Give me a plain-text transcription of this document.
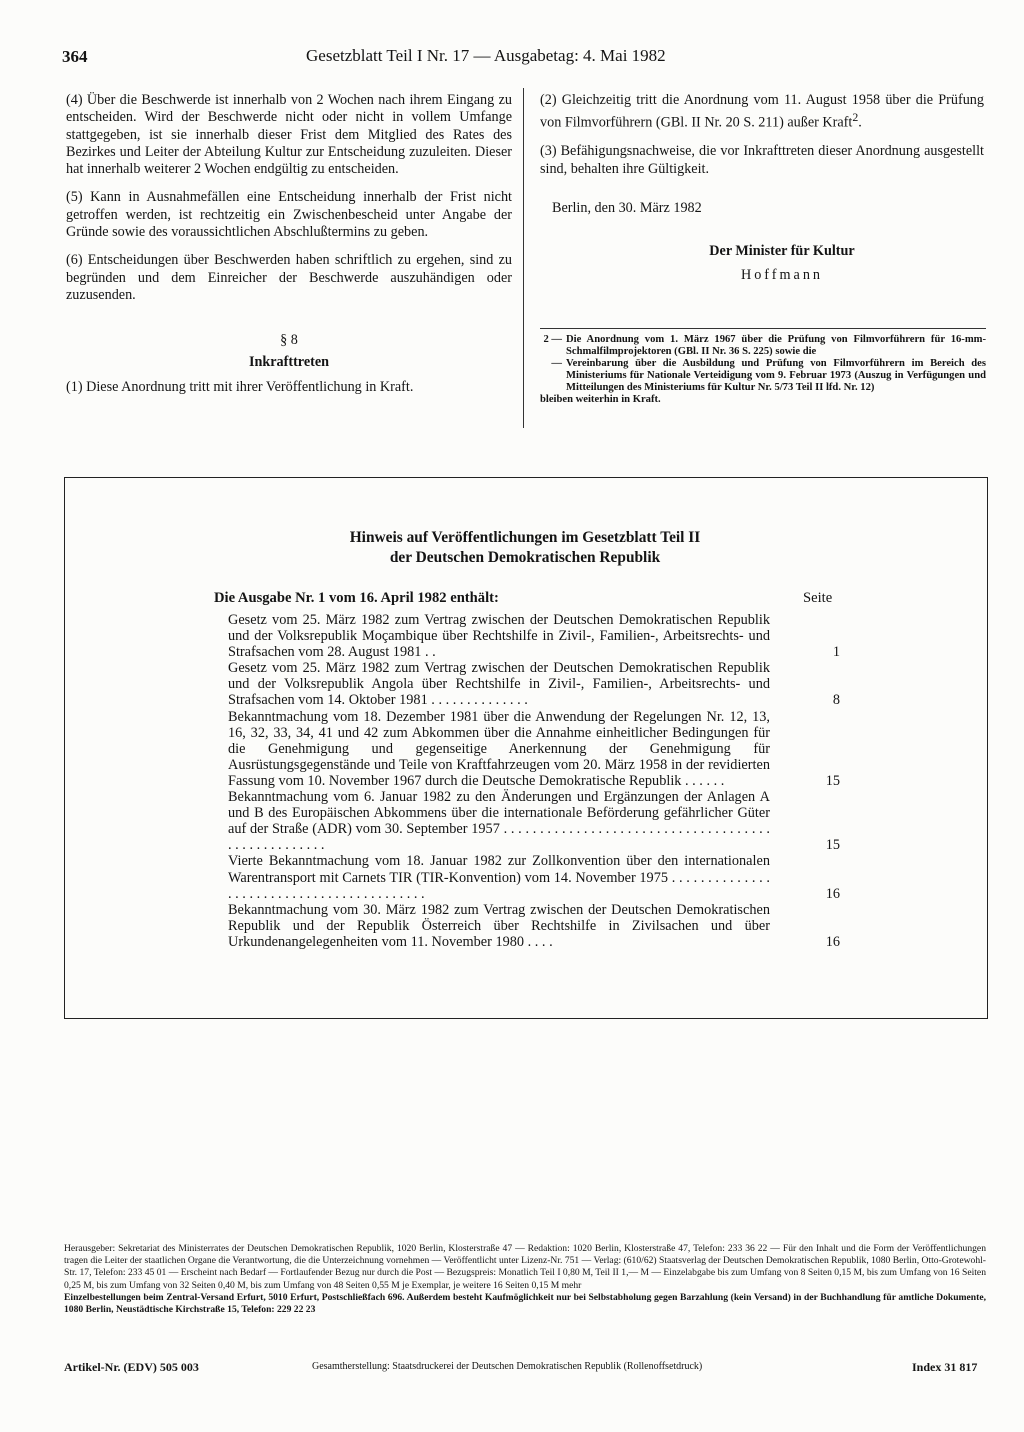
364	Gesetzblatt Teil I Nr. 17 — Ausgabetag: 4. Mai 1982

(4) Über die Beschwerde ist innerhalb von 2 Wochen nach ihrem Eingang zu entscheiden. Wird der Beschwerde nicht oder nicht in vollem Umfange stattgegeben, ist sie innerhalb dieser Frist dem Mitglied des Rates des Bezirkes und Leiter der Abteilung Kultur zur Entscheidung zuzuleiten. Dieser hat innerhalb weiterer 2 Wochen endgültig zu entscheiden.

(5) Kann in Ausnahmefällen eine Entscheidung innerhalb der Frist nicht getroffen werden, ist rechtzeitig ein Zwischenbescheid unter Angabe der Gründe sowie des voraussichtlichen Abschlußtermins zu geben.

(6) Entscheidungen über Beschwerden haben schriftlich zu ergehen, sind zu begründen und dem Einreicher der Beschwerde auszuhändigen oder zuzusenden.

§ 8
Inkrafttreten

(1) Diese Anordnung tritt mit ihrer Veröffentlichung in Kraft.

(2) Gleichzeitig tritt die Anordnung vom 11. August 1958 über die Prüfung von Filmvorführern (GBl. II Nr. 20 S. 211) außer Kraft$^2$.

(3) Befähigungsnachweise, die vor Inkrafttreten dieser Anordnung ausgestellt sind, behalten ihre Gültigkeit.

Berlin, den 30. März 1982
Der Minister für Kultur
Hoffmann
2 — Die Anordnung vom 1. März 1967 über die Prüfung von Filmvorführern für 16-mm-Schmalfilmprojektoren (GBl. II Nr. 36 S. 225) sowie die
— Vereinbarung über die Ausbildung und Prüfung von Filmvorführern im Bereich des Ministeriums für Nationale Verteidigung vom 9. Februar 1973 (Auszug in Verfügungen und Mitteilungen des Ministeriums für Kultur Nr. 5/73 Teil II lfd. Nr. 12)
bleiben weiterhin in Kraft.
Hinweis auf Veröffentlichungen im Gesetzblatt Teil II
der Deutschen Demokratischen Republik
Die Ausgabe Nr. 1 vom 16. April 1982 enthält:	Seite
Gesetz vom 25. März 1982 zum Vertrag zwischen der Deutschen Demokratischen Republik und der Volksrepublik Moçambique über Rechtshilfe in Zivil-, Familien-, Arbeitsrechts- und Strafsachen vom 28. August 1981 . .	1
Gesetz vom 25. März 1982 zum Vertrag zwischen der Deutschen Demokratischen Republik und der Volksrepublik Angola über Rechtshilfe in Zivil-, Familien-, Arbeitsrechts- und Strafsachen vom 14. Oktober 1981 . . . . . . . . . . . . . .	8
Bekanntmachung vom 18. Dezember 1981 über die Anwendung der Regelungen Nr. 12, 13, 16, 32, 33, 34, 41 und 42 zum Abkommen über die Annahme einheitlicher Bedingungen für die Genehmigung und gegenseitige Anerkennung der Genehmigung für Ausrüstungsgegenstände und Teile von Kraftfahrzeugen vom 20. März 1958 in der revidierten Fassung vom 10. November 1967 durch die Deutsche Demokratische Republik . . . . . .	15
Bekanntmachung vom 6. Januar 1982 zu den Änderungen und Ergänzungen der Anlagen A und B des Europäischen Abkommens über die internationale Beförderung gefährlicher Güter auf der Straße (ADR) vom 30. September 1957 . . . . . . . . . . . . . . . . . . . . . . . . . . . . . . . . . . . . . . . . . . . . . . . . . . .	15
Vierte Bekanntmachung vom 18. Januar 1982 zur Zollkonvention über den internationalen Warentransport mit Carnets TIR (TIR-Konvention) vom 14. November 1975 . . . . . . . . . . . . . . . . . . . . . . . . . . . . . . . . . . . . . . . . . .	16
Bekanntmachung vom 30. März 1982 zum Vertrag zwischen der Deutschen Demokratischen Republik und der Republik Österreich über Rechtshilfe in Zivilsachen und über Urkundenangelegenheiten vom 11. November 1980 . . . .	16
Herausgeber: Sekretariat des Ministerrates der Deutschen Demokratischen Republik, 1020 Berlin, Klosterstraße 47 — Redaktion: 1020 Berlin, Klosterstraße 47, Telefon: 233 36 22 — Für den Inhalt und die Form der Veröffentlichungen tragen die Leiter der staatlichen Organe die Verantwortung, die die Unterzeichnung vornehmen — Veröffentlicht unter Lizenz-Nr. 751 — Verlag: (610/62) Staatsverlag der Deutschen Demokratischen Republik, 1080 Berlin, Otto-Grotewohl-Str. 17, Telefon: 233 45 01 — Erscheint nach Bedarf — Fortlaufender Bezug nur durch die Post — Bezugspreis: Monatlich Teil I 0,80 M, Teil II 1,— M — Einzelabgabe bis zum Umfang von 8 Seiten 0,15 M, bis zum Umfang von 16 Seiten 0,25 M, bis zum Umfang von 32 Seiten 0,40 M, bis zum Umfang von 48 Seiten 0,55 M je Exemplar, je weitere 16 Seiten 0,15 M mehr
Einzelbestellungen beim Zentral-Versand Erfurt, 5010 Erfurt, Postschließfach 696. Außerdem besteht Kaufmöglichkeit nur bei Selbstabholung gegen Barzahlung (kein Versand) in der Buchhandlung für amtliche Dokumente, 1080 Berlin, Neustädtische Kirchstraße 15, Telefon: 229 22 23
Artikel-Nr. (EDV) 505 003	Gesamtherstellung: Staatsdruckerei der Deutschen Demokratischen Republik (Rollenoffsetdruck)	Index 31 817
